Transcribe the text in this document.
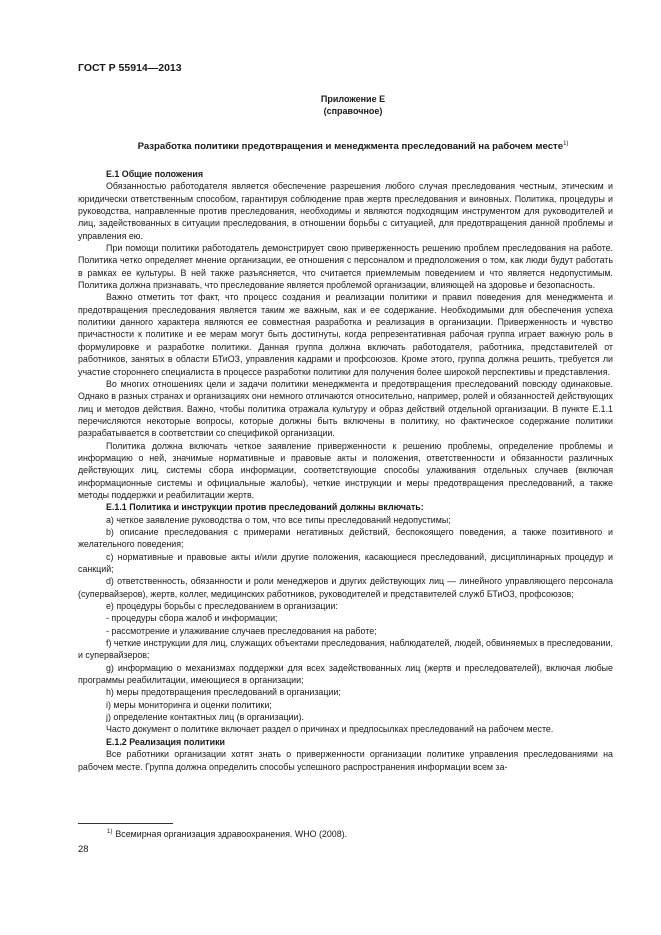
ГОСТ Р 55914—2013
Приложение Е
(справочное)
Разработка политики предотвращения и менеджмента преследований на рабочем месте$^{1)}$

Е.1 Общие положения

Обязанностью работодателя является обеспечение разрешения любого случая преследования честным, этическим и юридически ответственным способом, гарантируя соблюдение прав жертв преследования и виновных. Политика, процедуры и руководства, направленные против преследования, необходимы и являются подходящим инструментом для руководителей и лиц, задействованных в ситуации преследования, в отношении борьбы с ситуацией, для предотвращения данной проблемы и управления ею.

При помощи политики работодатель демонстрирует свою приверженность решению проблем преследования на работе. Политика четко определяет мнение организации, ее отношения с персоналом и предположения о том, как люди будут работать в рамках ее культуры. В ней также разъясняется, что считается приемлемым поведением и что является недопустимым. Политика должна признавать, что преследование является проблемой организации, влияющей на здоровье и безопасность.

Важно отметить тот факт, что процесс создания и реализации политики и правил поведения для менеджмента и предотвращения преследования является таким же важным, как и ее содержание. Необходимыми для обеспечения успеха политики данного характера являются ее совместная разработка и реализация в организации. Приверженность и чувство причастности к политике и ее мерам могут быть достигнуты, когда репрезентативная рабочая группа играет важную роль в формулировке и разработке политики. Данная группа должна включать работодателя, работника, представителей от работников, занятых в области БТиОЗ, управления кадрами и профсоюзов. Кроме этого, группа должна решить, требуется ли участие стороннего специалиста в процессе разработки политики для получения более широкой перспективы и представления.

Во многих отношениях цели и задачи политики менеджмента и предотвращения преследований повсюду одинаковые. Однако в разных странах и организациях они немного отличаются относительно, например, ролей и обязанностей действующих лиц и методов действия. Важно, чтобы политика отражала культуру и образ действий отдельной организации. В пункте Е.1.1 перечисляются некоторые вопросы, которые должны быть включены в политику, но фактическое содержание политики разрабатывается в соответствии со спецификой организации.

Политика должна включать четкое заявление приверженности к решению проблемы, определение проблемы и информацию о ней, значимые нормативные и правовые акты и положения, ответственности и обязанности различных действующих лиц, системы сбора информации, соответствующие способы улаживания отдельных случаев (включая информационные системы и официальные жалобы), четкие инструкции и меры предотвращения преследований, а также методы поддержки и реабилитации жертв.

Е.1.1 Политика и инструкции против преследований должны включать:

а) четкое заявление руководства о том, что все типы преследований недопустимы;

b) описание преследования с примерами негативных действий, беспокоящего поведения, а также позитивного и желательного поведения;

c) нормативные и правовые акты и/или другие положения, касающиеся преследований, дисциплинарных процедур и санкций;

d) ответственность, обязанности и роли менеджеров и других действующих лиц — линейного управляющего персонала (супервайзеров), жертв, коллег, медицинских работников, руководителей и представителей служб БТиОЗ, профсоюзов;

e) процедуры борьбы с преследованием в организации:

- процедуры сбора жалоб и информации;

- рассмотрение и улаживание случаев преследования на работе;

f) четкие инструкции для лиц, служащих объектами преследования, наблюдателей, людей, обвиняемых в преследовании, и супервайзеров;

g) информацию о механизмах поддержки для всех задействованных лиц (жертв и преследователей), включая любые программы реабилитации, имеющиеся в организации;

h) меры предотвращения преследований в организации;

i) меры мониторинга и оценки политики;

j) определение контактных лиц (в организации).

Часто документ о политике включает раздел о причинах и предпосылках преследований на рабочем месте.

Е.1.2 Реализация политики

Все работники организации хотят знать о приверженности организации политике управления преследованиями на рабочем месте. Группа должна определить способы успешного распространения информации всем за-

$^{1)}$ Всемирная организация здравоохранения. WHO (2008).
28
